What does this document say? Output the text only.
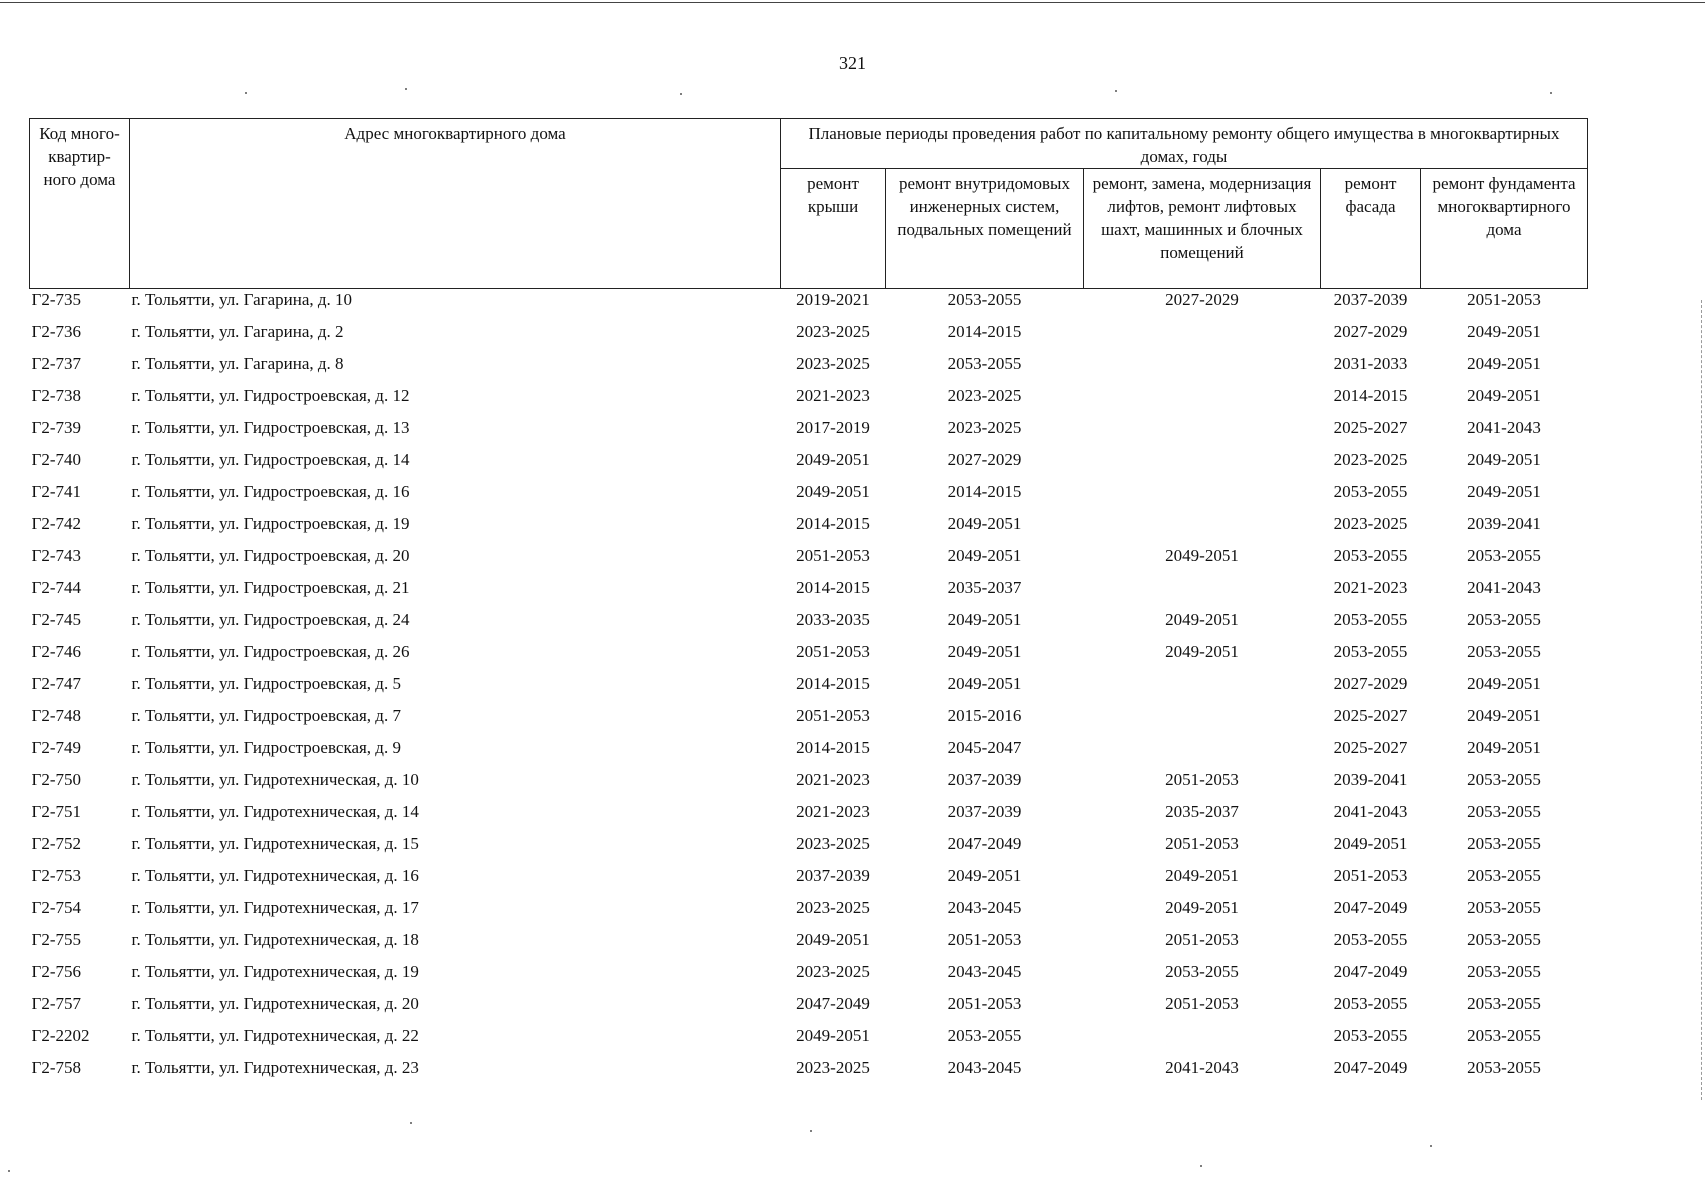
321
Код много-квартир-ного дома	Адрес многоквартирного дома	Плановые периоды проведения работ по капитальному ремонту общего имущества в многоквартирных домах, годы				
		ремонт крыши	ремонт внутридомовых инженерных систем, подвальных помещений	ремонт, замена, модернизация лифтов, ремонт лифтовых шахт, машинных и блочных помещений	ремонт фасада	ремонт фундамента многоквартирного дома
Г2-735	г. Тольятти, ул. Гагарина, д. 10	2019-2021	2053-2055	2027-2029	2037-2039	2051-2053
Г2-736	г. Тольятти, ул. Гагарина, д. 2	2023-2025	2014-2015		2027-2029	2049-2051
Г2-737	г. Тольятти, ул. Гагарина, д. 8	2023-2025	2053-2055		2031-2033	2049-2051
Г2-738	г. Тольятти, ул. Гидростроевская, д. 12	2021-2023	2023-2025		2014-2015	2049-2051
Г2-739	г. Тольятти, ул. Гидростроевская, д. 13	2017-2019	2023-2025		2025-2027	2041-2043
Г2-740	г. Тольятти, ул. Гидростроевская, д. 14	2049-2051	2027-2029		2023-2025	2049-2051
Г2-741	г. Тольятти, ул. Гидростроевская, д. 16	2049-2051	2014-2015		2053-2055	2049-2051
Г2-742	г. Тольятти, ул. Гидростроевская, д. 19	2014-2015	2049-2051		2023-2025	2039-2041
Г2-743	г. Тольятти, ул. Гидростроевская, д. 20	2051-2053	2049-2051	2049-2051	2053-2055	2053-2055
Г2-744	г. Тольятти, ул. Гидростроевская, д. 21	2014-2015	2035-2037		2021-2023	2041-2043
Г2-745	г. Тольятти, ул. Гидростроевская, д. 24	2033-2035	2049-2051	2049-2051	2053-2055	2053-2055
Г2-746	г. Тольятти, ул. Гидростроевская, д. 26	2051-2053	2049-2051	2049-2051	2053-2055	2053-2055
Г2-747	г. Тольятти, ул. Гидростроевская, д. 5	2014-2015	2049-2051		2027-2029	2049-2051
Г2-748	г. Тольятти, ул. Гидростроевская, д. 7	2051-2053	2015-2016		2025-2027	2049-2051
Г2-749	г. Тольятти, ул. Гидростроевская, д. 9	2014-2015	2045-2047		2025-2027	2049-2051
Г2-750	г. Тольятти, ул. Гидротехническая, д. 10	2021-2023	2037-2039	2051-2053	2039-2041	2053-2055
Г2-751	г. Тольятти, ул. Гидротехническая, д. 14	2021-2023	2037-2039	2035-2037	2041-2043	2053-2055
Г2-752	г. Тольятти, ул. Гидротехническая, д. 15	2023-2025	2047-2049	2051-2053	2049-2051	2053-2055
Г2-753	г. Тольятти, ул. Гидротехническая, д. 16	2037-2039	2049-2051	2049-2051	2051-2053	2053-2055
Г2-754	г. Тольятти, ул. Гидротехническая, д. 17	2023-2025	2043-2045	2049-2051	2047-2049	2053-2055
Г2-755	г. Тольятти, ул. Гидротехническая, д. 18	2049-2051	2051-2053	2051-2053	2053-2055	2053-2055
Г2-756	г. Тольятти, ул. Гидротехническая, д. 19	2023-2025	2043-2045	2053-2055	2047-2049	2053-2055
Г2-757	г. Тольятти, ул. Гидротехническая, д. 20	2047-2049	2051-2053	2051-2053	2053-2055	2053-2055
Г2-2202	г. Тольятти, ул. Гидротехническая, д. 22	2049-2051	2053-2055		2053-2055	2053-2055
Г2-758	г. Тольятти, ул. Гидротехническая, д. 23	2023-2025	2043-2045	2041-2043	2047-2049	2053-2055
